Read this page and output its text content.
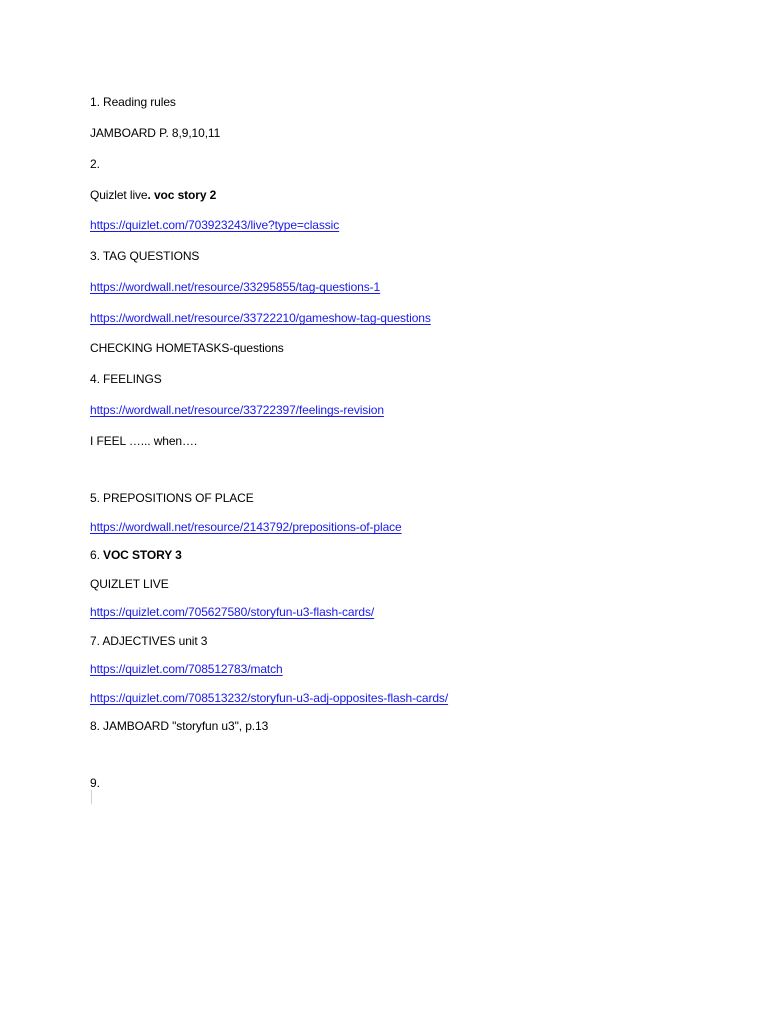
1. Reading rules
JAMBOARD P. 8,9,10,11
2.
Quizlet live. voc story 2
https://quizlet.com/703923243/live?type=classic
3. TAG QUESTIONS
https://wordwall.net/resource/33295855/tag-questions-1
https://wordwall.net/resource/33722210/gameshow-tag-questions
CHECKING HOMETASKS-questions
4. FEELINGS
https://wordwall.net/resource/33722397/feelings-revision
I FEEL …... when….
5. PREPOSITIONS OF PLACE
https://wordwall.net/resource/2143792/prepositions-of-place
6. VOC STORY 3
QUIZLET LIVE
https://quizlet.com/705627580/storyfun-u3-flash-cards/
7. ADJECTIVES unit 3
https://quizlet.com/708512783/match
https://quizlet.com/708513232/storyfun-u3-adj-opposites-flash-cards/
8. JAMBOARD "storyfun u3", p.13
9.
